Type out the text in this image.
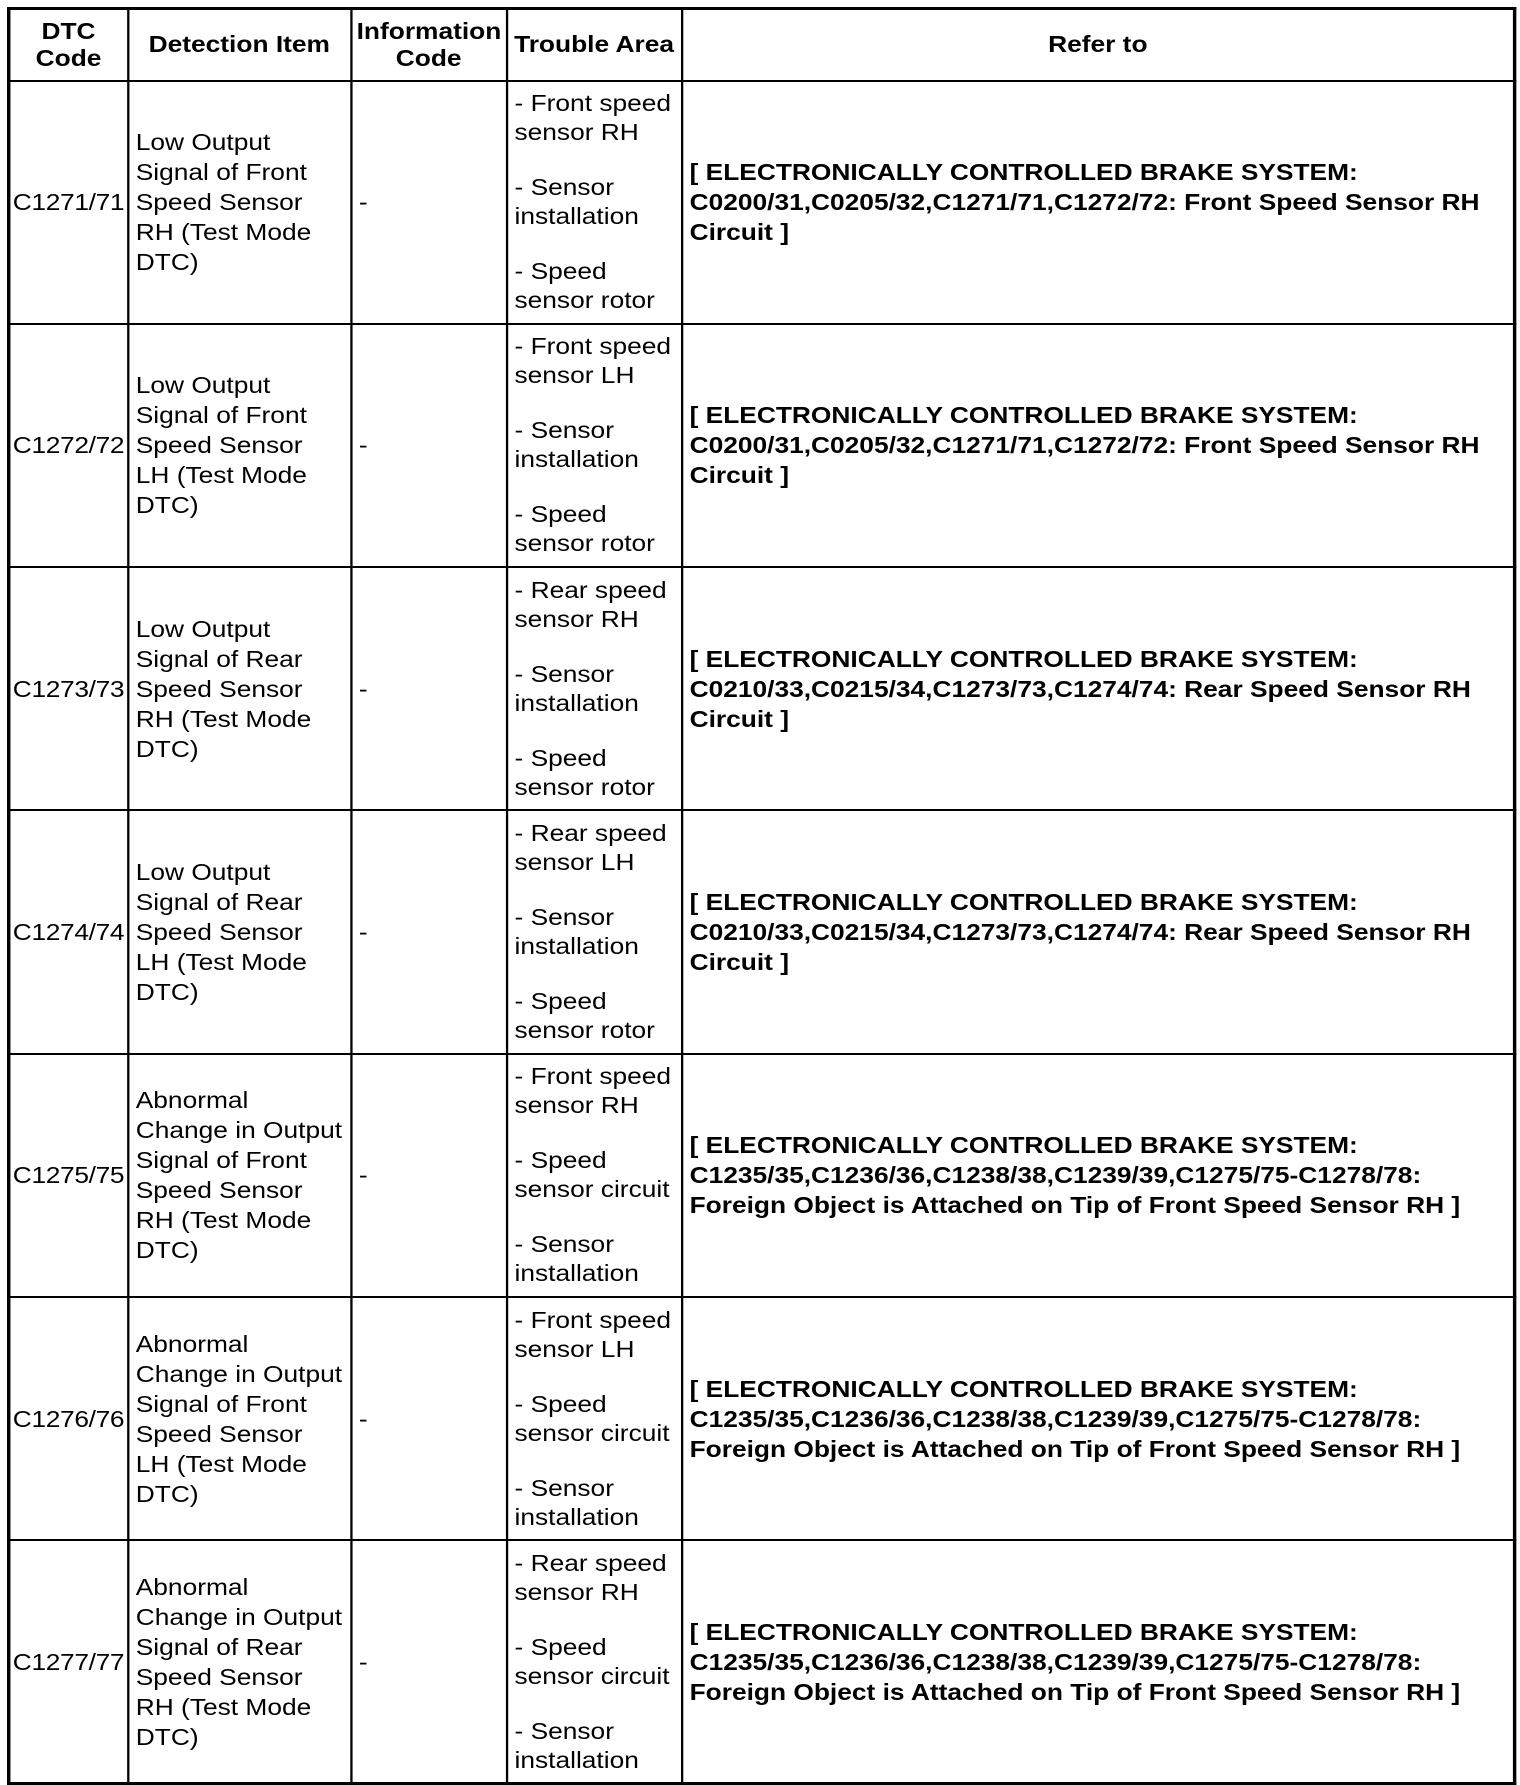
DTC Code	Detection Item	Information Code	Trouble Area	Refer to
C1271/71	Low Output Signal of Front Speed Sensor RH (Test Mode DTC)	-	- Front speed sensor RH
- Sensor installation
- Speed sensor rotor	[ ELECTRONICALLY CONTROLLED BRAKE SYSTEM: C0200/31,C0205/32,C1271/71,C1272/72: Front Speed Sensor RH Circuit ]
C1272/72	Low Output Signal of Front Speed Sensor LH (Test Mode DTC)	-	- Front speed sensor LH
- Sensor installation
- Speed sensor rotor	[ ELECTRONICALLY CONTROLLED BRAKE SYSTEM: C0200/31,C0205/32,C1271/71,C1272/72: Front Speed Sensor RH Circuit ]
C1273/73	Low Output Signal of Rear Speed Sensor RH (Test Mode DTC)	-	- Rear speed sensor RH
- Sensor installation
- Speed sensor rotor	[ ELECTRONICALLY CONTROLLED BRAKE SYSTEM: C0210/33,C0215/34,C1273/73,C1274/74: Rear Speed Sensor RH Circuit ]
C1274/74	Low Output Signal of Rear Speed Sensor LH (Test Mode DTC)	-	- Rear speed sensor LH
- Sensor installation
- Speed sensor rotor	[ ELECTRONICALLY CONTROLLED BRAKE SYSTEM: C0210/33,C0215/34,C1273/73,C1274/74: Rear Speed Sensor RH Circuit ]
C1275/75	Abnormal Change in Output Signal of Front Speed Sensor RH (Test Mode DTC)	-	- Front speed sensor RH
- Speed sensor circuit
- Sensor installation	[ ELECTRONICALLY CONTROLLED BRAKE SYSTEM: C1235/35,C1236/36,C1238/38,C1239/39,C1275/75-C1278/78: Foreign Object is Attached on Tip of Front Speed Sensor RH ]
C1276/76	Abnormal Change in Output Signal of Front Speed Sensor LH (Test Mode DTC)	-	- Front speed sensor LH
- Speed sensor circuit
- Sensor installation	[ ELECTRONICALLY CONTROLLED BRAKE SYSTEM: C1235/35,C1236/36,C1238/38,C1239/39,C1275/75-C1278/78: Foreign Object is Attached on Tip of Front Speed Sensor RH ]
C1277/77	Abnormal Change in Output Signal of Rear Speed Sensor RH (Test Mode DTC)	-	- Rear speed sensor RH
- Speed sensor circuit
- Sensor installation	[ ELECTRONICALLY CONTROLLED BRAKE SYSTEM: C1235/35,C1236/36,C1238/38,C1239/39,C1275/75-C1278/78: Foreign Object is Attached on Tip of Front Speed Sensor RH ]
